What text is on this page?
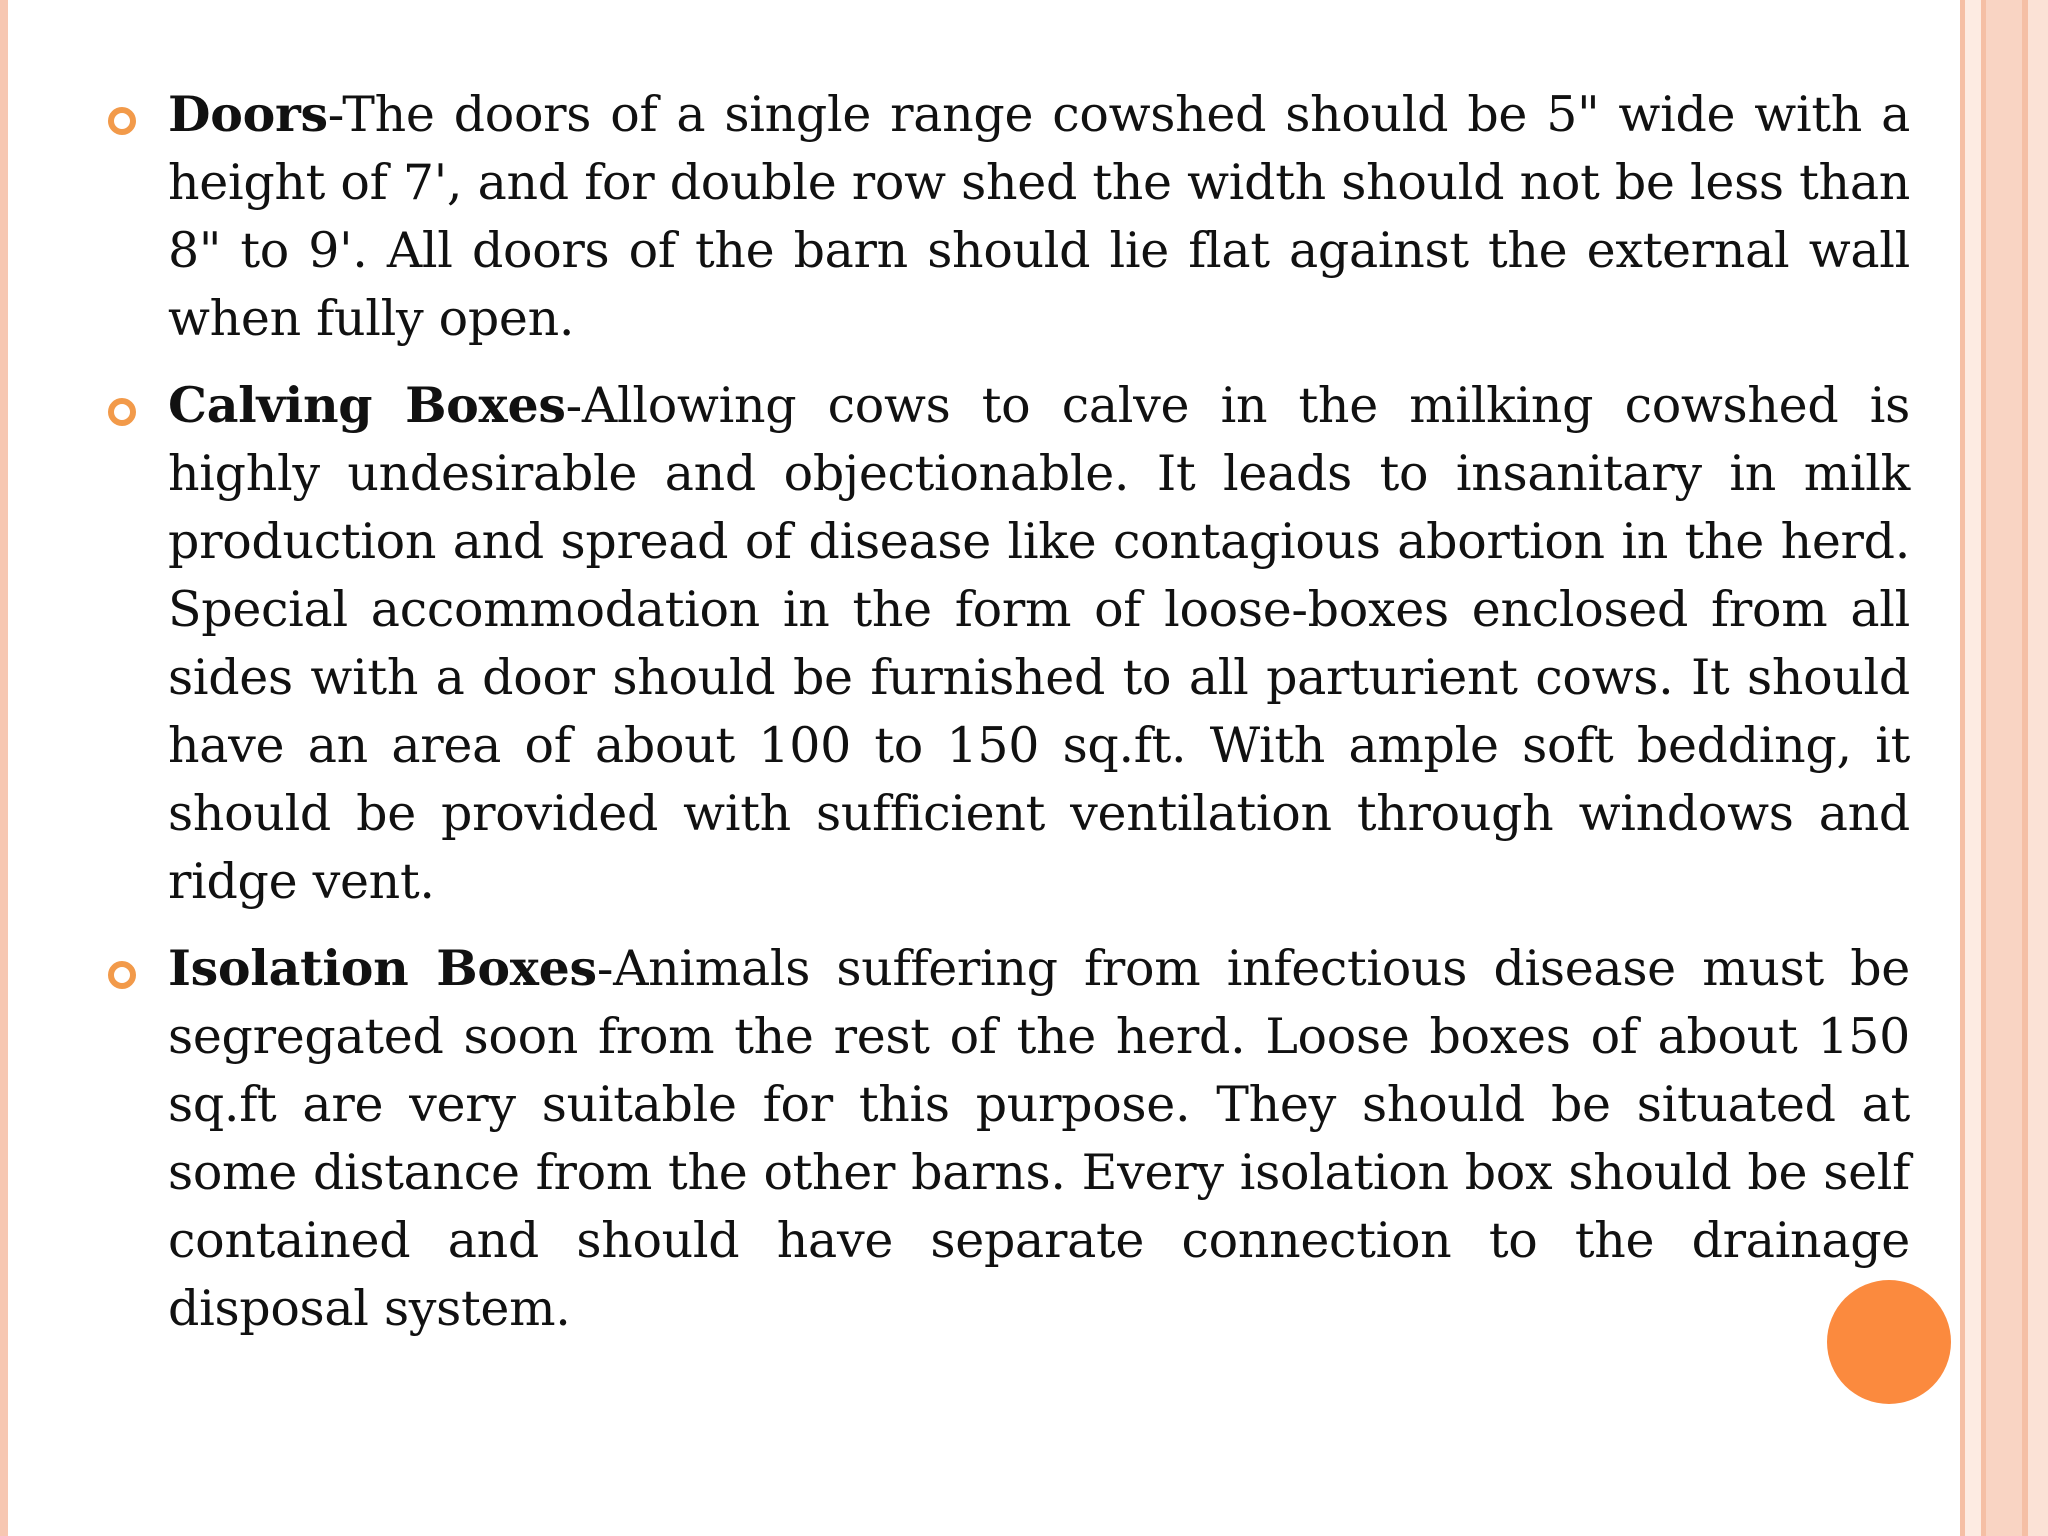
Doors-The doors of a single range cowshed should be 5" wide with a height of 7', and for double row shed the width should not be less than 8" to 9'. All doors of the barn should lie flat against the external wall when fully open.
Calving Boxes-Allowing cows to calve in the milking cowshed is highly undesirable and objectionable. It leads to insanitary in milk production and spread of disease like contagious abortion in the herd. Special accommodation in the form of loose-boxes enclosed from all sides with a door should be furnished to all parturient cows. It should have an area of about 100 to 150 sq.ft. With ample soft bedding, it should be provided with sufficient ventilation through windows and ridge vent.
Isolation Boxes-Animals suffering from infectious disease must be segregated soon from the rest of the herd. Loose boxes of about 150 sq.ft are very suitable for this purpose. They should be situated at some distance from the other barns. Every isolation box should be self contained and should have separate connection to the drainage disposal system.
